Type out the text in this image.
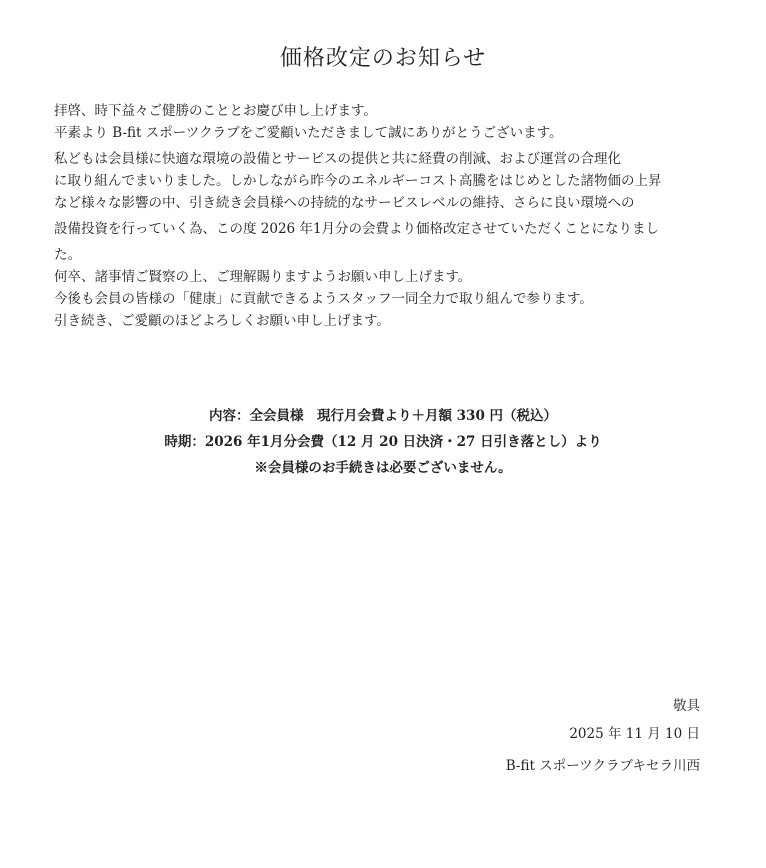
価格改定のお知らせ

拝啓、時下益々ご健勝のこととお慶び申し上げます。

平素より B-fit スポーツクラブをご愛顧いただきまして誠にありがとうございます。

私どもは会員様に快適な環境の設備とサービスの提供と共に経費の削減、および運営の合理化

に取り組んでまいりました。しかしながら昨今のエネルギーコスト高騰をはじめとした諸物価の上昇

など様々な影響の中、引き続き会員様への持続的なサービスレベルの維持、さらに良い環境への

設備投資を行っていく為、この度 2026 年1月分の会費より価格改定させていただくことになりまし

た。

何卒、諸事情ご賢察の上、ご理解賜りますようお願い申し上げます。

今後も会員の皆様の「健康」に貢献できるようスタッフ一同全力で取り組んで参ります。

引き続き、ご愛顧のほどよろしくお願い申し上げます。

内容：全会員様　現行月会費より＋月額 330 円（税込）

時期：2026 年1月分会費（12 月 20 日決済・27 日引き落とし）より

※会員様のお手続きは必要ございません。

敬具

2025 年 11 月 10 日

B-fit スポーツクラブキセラ川西
